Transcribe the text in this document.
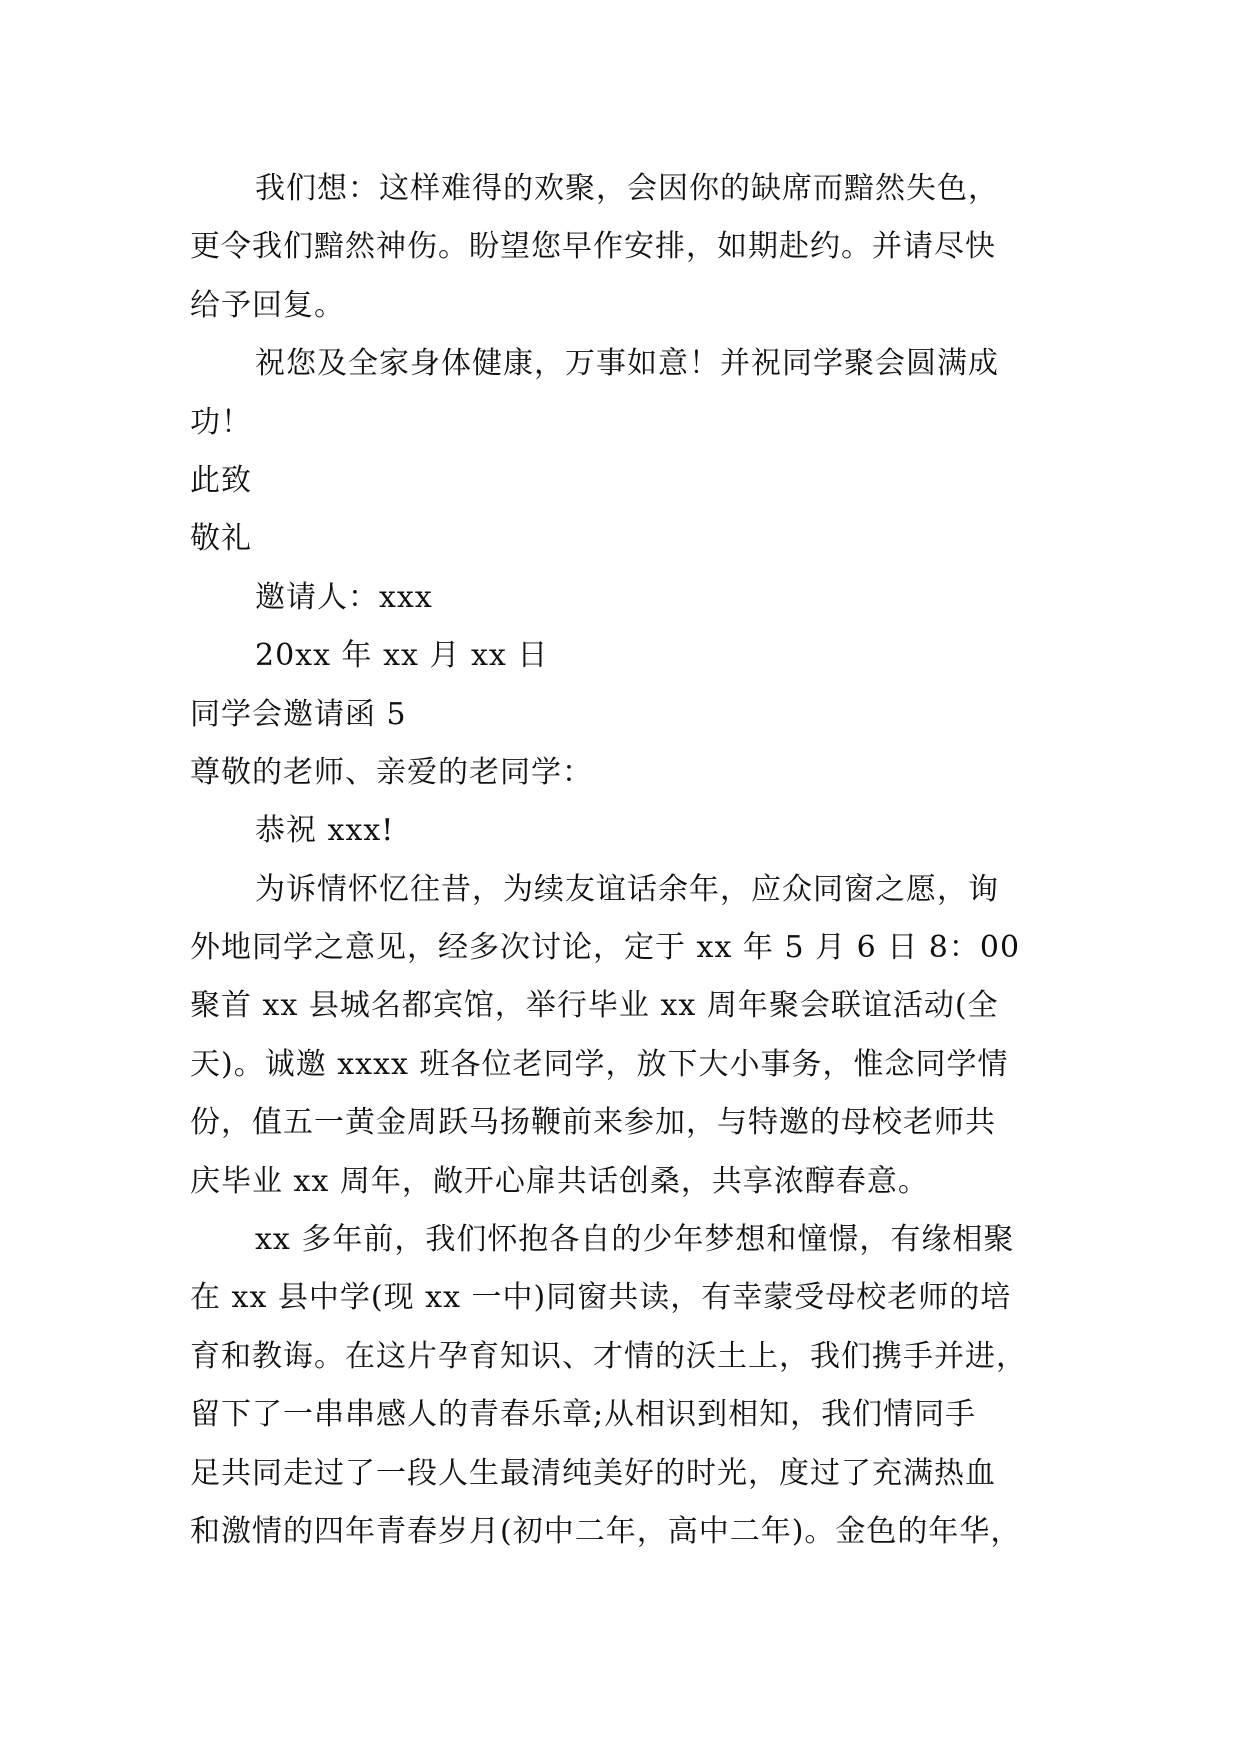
我们想：这样难得的欢聚，会因你的缺席而黯然失色，
更令我们黯然神伤。盼望您早作安排，如期赴约。并请尽快
给予回复。
祝您及全家身体健康，万事如意！并祝同学聚会圆满成
功！
此致
敬礼
邀请人：xxx
20xx 年 xx 月 xx 日
同学会邀请函 5
尊敬的老师、亲爱的老同学：
恭祝 xxx!
为诉情怀忆往昔，为续友谊话余年，应众同窗之愿，询
外地同学之意见，经多次讨论，定于 xx 年 5 月 6 日 8：00
聚首 xx 县城名都宾馆，举行毕业 xx 周年聚会联谊活动(全
天)。诚邀 xxxx 班各位老同学，放下大小事务，惟念同学情
份，值五一黄金周跃马扬鞭前来参加，与特邀的母校老师共
庆毕业 xx 周年，敞开心扉共话创桑，共享浓醇春意。
xx 多年前，我们怀抱各自的少年梦想和憧憬，有缘相聚
在 xx 县中学(现 xx 一中)同窗共读，有幸蒙受母校老师的培
育和教诲。在这片孕育知识、才情的沃土上，我们携手并进，
留下了一串串感人的青春乐章;从相识到相知，我们情同手
足共同走过了一段人生最清纯美好的时光，度过了充满热血
和激情的四年青春岁月(初中二年，高中二年)。金色的年华，
